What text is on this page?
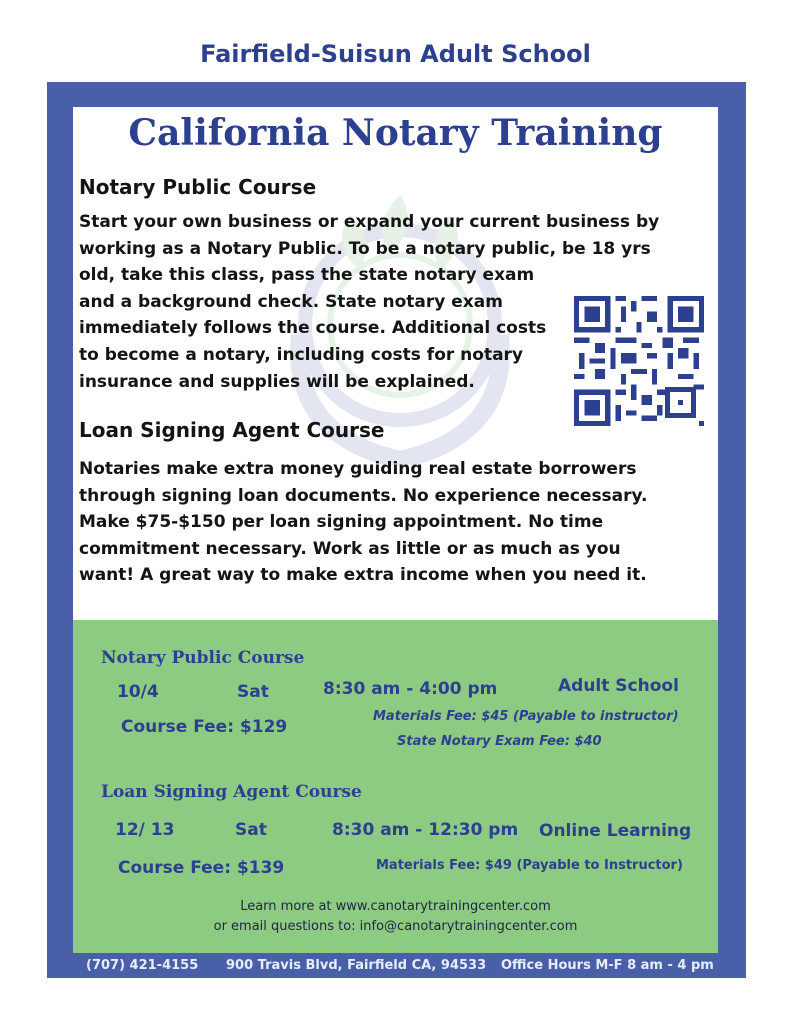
Fairfield-Suisun Adult School
California Notary Training
Notary Public Course
Start your own business or expand your current business by
working as a Notary Public. To be a notary public, be 18 yrs
old, take this class, pass the state notary exam
and a background check. State notary exam
immediately follows the course. Additional costs
to become a notary, including costs for notary
insurance and supplies will be explained.
Loan Signing Agent Course
Notaries make extra money guiding real estate borrowers
through signing loan documents. No experience necessary.
Make $75-$150 per loan signing appointment. No time
commitment necessary. Work as little or as much as you
want! A great way to make extra income when you need it.
Notary Public Course
10/4	Sat	8:30 am - 4:00 pm	Adult School
Course Fee: $129
Materials Fee: $45 (Payable to instructor)
State Notary Exam Fee: $40
Loan Signing Agent Course
12/ 13	Sat	8:30 am - 12:30 pm Online Learning
Course Fee: $139	Materials Fee: $49 (Payable to Instructor)
Learn more at www.canotarytrainingcenter.com
or email questions to: info@canotarytrainingcenter.com
(707) 421-4155 900 Travis Blvd, Fairfield CA, 94533 Office Hours M-F 8 am - 4 pm
